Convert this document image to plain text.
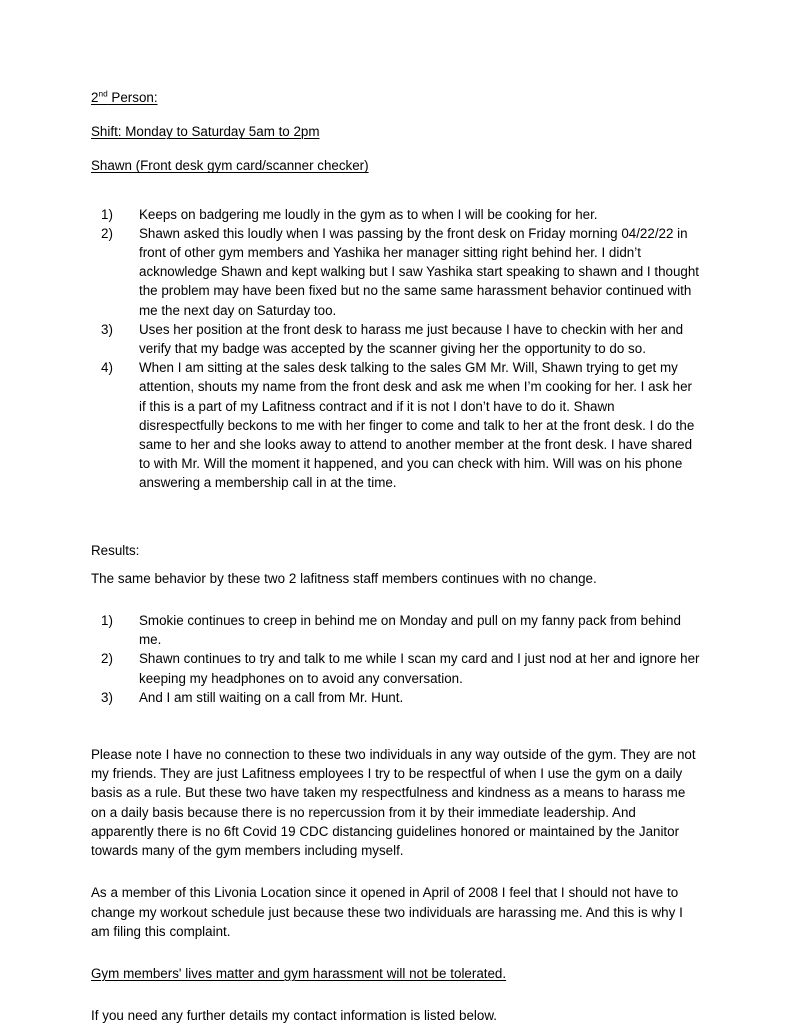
2nd Person:
Shift: Monday to Saturday 5am to 2pm
Shawn (Front desk gym card/scanner checker)
1)	Keeps on badgering me loudly in the gym as to when I will be cooking for her.
2)	Shawn asked this loudly when I was passing by the front desk on Friday morning 04/22/22 in front of other gym members and Yashika her manager sitting right behind her. I didn’t acknowledge Shawn and kept walking but I saw Yashika start speaking to shawn and I thought the problem may have been fixed but no the same same harassment behavior continued with me the next day on Saturday too.
3)	Uses her position at the front desk to harass me just because I have to checkin with her and verify that my badge was accepted by the scanner giving her the opportunity to do so.
4)	When I am sitting at the sales desk talking to the sales GM Mr. Will, Shawn trying to get my attention, shouts my name from the front desk and ask me when I’m cooking for her. I ask her if this is a part of my Lafitness contract and if it is not I don’t have to do it. Shawn disrespectfully beckons to me with her finger to come and talk to her at the front desk. I do the same to her and she looks away to attend to another member at the front desk. I have shared to with Mr. Will the moment it happened, and you can check with him. Will was on his phone answering a membership call in at the time.

Results:

The same behavior by these two 2 lafitness staff members continues with no change.

1)	Smokie continues to creep in behind me on Monday and pull on my fanny pack from behind me.
2)	Shawn continues to try and talk to me while I scan my card and I just nod at her and ignore her keeping my headphones on to avoid any conversation.
3)	And I am still waiting on a call from Mr. Hunt.

Please note I have no connection to these two individuals in any way outside of the gym. They are not my friends. They are just Lafitness employees I try to be respectful of when I use the gym on a daily basis as a rule. But these two have taken my respectfulness and kindness as a means to harass me on a daily basis because there is no repercussion from it by their immediate leadership. And apparently there is no 6ft Covid 19 CDC distancing guidelines honored or maintained by the Janitor towards many of the gym members including myself.

As a member of this Livonia Location since it opened in April of 2008 I feel that I should not have to change my workout schedule just because these two individuals are harassing me. And this is why I am filing this complaint.

Gym members' lives matter and gym harassment will not be tolerated.

If you need any further details my contact information is listed below.
